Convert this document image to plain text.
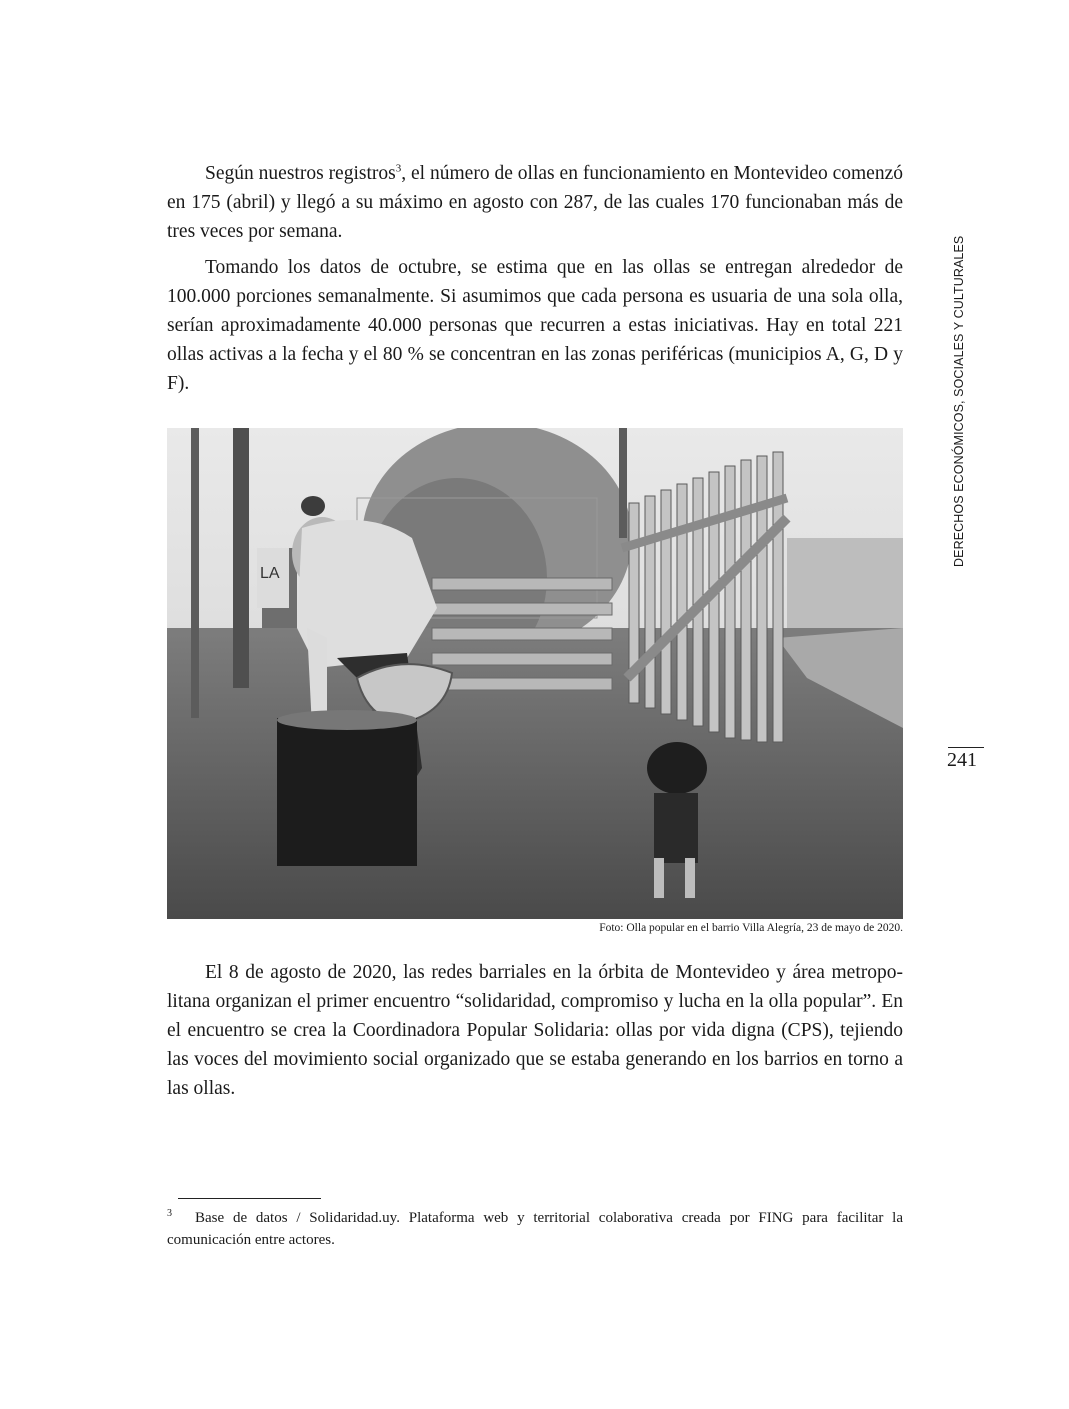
Según nuestros registros$^3$, el número de ollas en funcionamiento en Montevideo comenzó en 175 (abril) y llegó a su máximo en agosto con 287, de las cuales 170 funcionaban más de tres veces por semana.

Tomando los datos de octubre, se estima que en las ollas se entregan alrededor de 100.000 porciones semanalmente. Si asumimos que cada persona es usuaria de una sola olla, serían aproximadamente 40.000 personas que recurren a estas iniciativas. Hay en total 221 ollas activas a la fecha y el 80 % se concentran en las zonas periféricas (municipios A, G, D y F).

LA
Foto: Olla popular en el barrio Villa Alegría, 23 de mayo de 2020.

El 8 de agosto de 2020, las redes barriales en la órbita de Montevideo y área metropolitana organizan el primer encuentro “solidaridad, compromiso y lucha en la olla popular”. En el encuentro se crea la Coordinadora Popular Solidaria: ollas por vida digna (CPS), tejiendo las voces del movimiento social organizado que se estaba generando en los barrios en torno a las ollas.

3 Base de datos / Solidaridad.uy. Plataforma web y territorial colaborativa creada por FING para facilitar la comunicación entre actores.
DERECHOS ECONÓMICOS, SOCIALES Y CULTURALES
241
